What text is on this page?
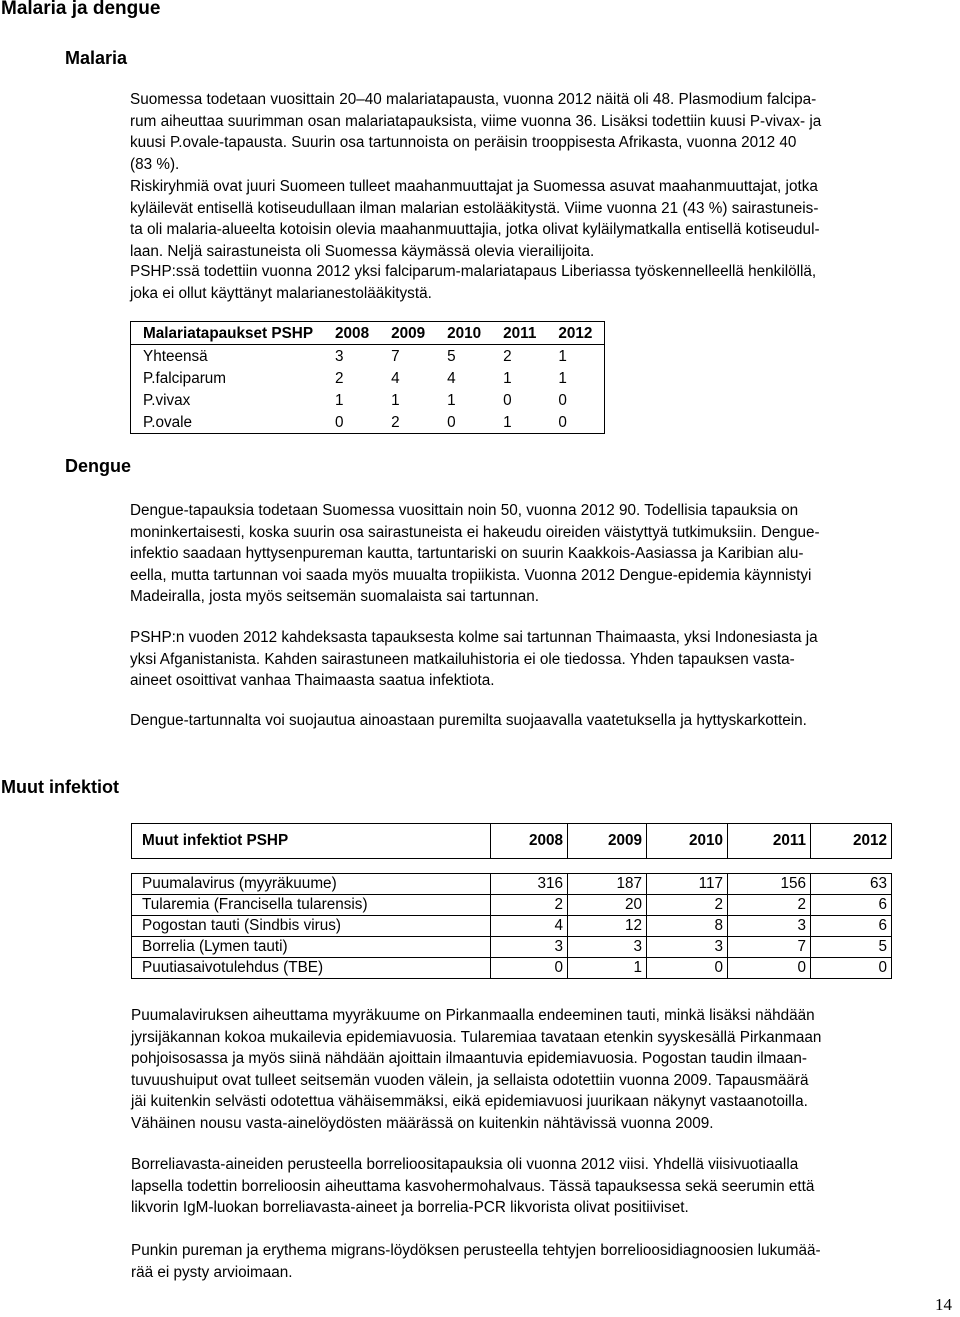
Malaria ja dengue
Malaria
Suomessa todetaan vuosittain 20–40 malariatapausta, vuonna 2012 näitä oli 48. Plasmodium falcipa-
rum aiheuttaa suurimman osan malariatapauksista, viime vuonna 36. Lisäksi todettiin kuusi P-vivax- ja
kuusi P.ovale-tapausta. Suurin osa tartunnoista on peräisin trooppisesta Afrikasta, vuonna 2012 40
(83 %).
Riskiryhmiä ovat juuri Suomeen tulleet maahanmuuttajat ja Suomessa asuvat maahanmuuttajat, jotka
kyläilevät entisellä kotiseudullaan ilman malarian estolääkitystä. Viime vuonna 21 (43 %) sairastuneis-
ta oli malaria-alueelta kotoisin olevia maahanmuuttajia, jotka olivat kyläilymatkalla entisellä kotiseudul-
laan. Neljä sairastuneista oli Suomessa käymässä olevia vierailijoita.
PSHP:ssä todettiin vuonna 2012 yksi falciparum-malariatapaus Liberiassa työskennelleellä henkilöllä,
joka ei ollut käyttänyt malarianestolääkitystä.
Malariatapaukset PSHP	2008	2009	2010	2011	2012
Yhteensä	3	7	5	2	1
P.falciparum	2	4	4	1	1
P.vivax	1	1	1	0	0
P.ovale	0	2	0	1	0
Dengue
Dengue-tapauksia todetaan Suomessa vuosittain noin 50, vuonna 2012 90. Todellisia tapauksia on
moninkertaisesti, koska suurin osa sairastuneista ei hakeudu oireiden väistyttyä tutkimuksiin. Dengue-
infektio saadaan hyttysenpureman kautta, tartuntariski on suurin Kaakkois-Aasiassa ja Karibian alu-
eella, mutta tartunnan voi saada myös muualta tropiikista. Vuonna 2012 Dengue-epidemia käynnistyi
Madeiralla, josta myös seitsemän suomalaista sai tartunnan.
PSHP:n vuoden 2012 kahdeksasta tapauksesta kolme sai tartunnan Thaimaasta, yksi Indonesiasta ja
yksi Afganistanista. Kahden sairastuneen matkailuhistoria ei ole tiedossa. Yhden tapauksen vasta-
aineet osoittivat vanhaa Thaimaasta saatua infektiota.
Dengue-tartunnalta voi suojautua ainoastaan puremilta suojaavalla vaatetuksella ja hyttyskarkottein.
Muut infektiot
Muut infektiot PSHP	2008	2009	2010	2011	2012

Puumalavirus (myyräkuume)	316	187	117	156	63
Tularemia (Francisella tularensis)	2	20	2	2	6
Pogostan tauti (Sindbis virus)	4	12	8	3	6
Borrelia (Lymen tauti)	3	3	3	7	5
Puutiasaivotulehdus (TBE)	0	1	0	0	0
Puumalaviruksen aiheuttama myyräkuume on Pirkanmaalla endeeminen tauti, minkä lisäksi nähdään
jyrsijäkannan kokoa mukailevia epidemiavuosia. Tularemiaa tavataan etenkin syyskesällä Pirkanmaan
pohjoisosassa ja myös siinä nähdään ajoittain ilmaantuvia epidemiavuosia. Pogostan taudin ilmaan-
tuvuushuiput ovat tulleet seitsemän vuoden välein, ja sellaista odotettiin vuonna 2009. Tapausmäärä
jäi kuitenkin selvästi odotettua vähäisemmäksi, eikä epidemiavuosi juurikaan näkynyt vastaanotoilla.
Vähäinen nousu vasta-ainelöydösten määrässä on kuitenkin nähtävissä vuonna 2009.
Borreliavasta-aineiden perusteella borrelioositapauksia oli vuonna 2012 viisi. Yhdellä viisivuotiaalla
lapsella todettin borrelioosin aiheuttama kasvohermohalvaus. Tässä tapauksessa sekä seerumin että
likvorin IgM-luokan borreliavasta-aineet ja borrelia-PCR likvorista olivat positiiviset.
Punkin pureman ja erythema migrans-löydöksen perusteella tehtyjen borrelioosidiagnoosien lukumää-
rää ei pysty arvioimaan.
14
